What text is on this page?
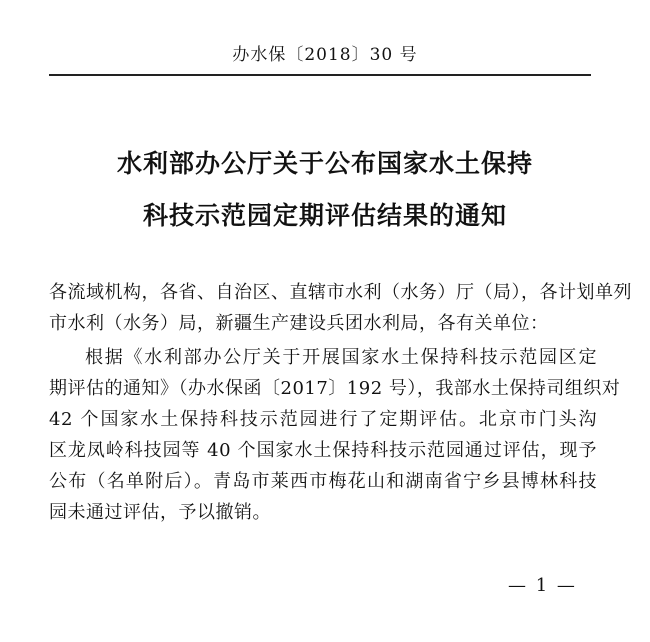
办水保〔2018〕30 号
水利部办公厅关于公布国家水土保持
科技示范园定期评估结果的通知
各流域机构，各省、自治区、直辖市水利（水务）厅（局），各计划单列
市水利（水务）局，新疆生产建设兵团水利局，各有关单位：
根据《水利部办公厅关于开展国家水土保持科技示范园区定
期评估的通知》（办水保函〔2017〕192 号），我部水土保持司组织对
42 个国家水土保持科技示范园进行了定期评估。北京市门头沟
区龙凤岭科技园等 40 个国家水土保持科技示范园通过评估，现予
公布（名单附后）。青岛市莱西市梅花山和湖南省宁乡县博林科技
园未通过评估，予以撤销。
— 1 —
